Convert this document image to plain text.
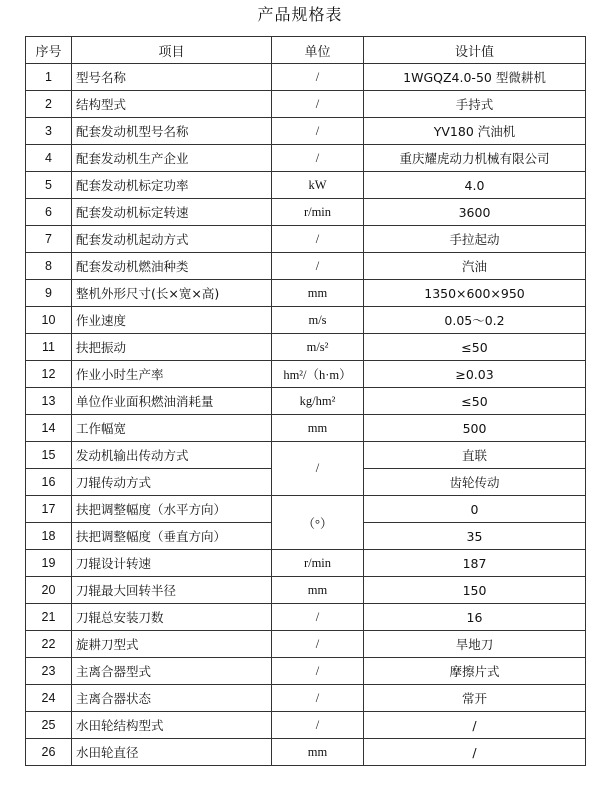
产品规格表
序号	项目	单位	设计值
1	型号名称	/	1WGQZ4.0-50 型微耕机
2	结构型式	/	手持式
3	配套发动机型号名称	/	YV180 汽油机
4	配套发动机生产企业	/	重庆耀虎动力机械有限公司
5	配套发动机标定功率	kW	4.0
6	配套发动机标定转速	r/min	3600
7	配套发动机起动方式	/	手拉起动
8	配套发动机燃油种类	/	汽油
9	整机外形尺寸(长×宽×高)	mm	1350×600×950
10	作业速度	m/s	0.05～0.2
11	扶把振动	m/s²	≤50
12	作业小时生产率	hm²/（h·m）	≥0.03
13	单位作业面积燃油消耗量	kg/hm²	≤50
14	工作幅宽	mm	500
15	发动机输出传动方式	/	直联
16	刀辊传动方式		齿轮传动
17	扶把调整幅度（水平方向）	（°）	0
18	扶把调整幅度（垂直方向）		35
19	刀辊设计转速	r/min	187
20	刀辊最大回转半径	mm	150
21	刀辊总安装刀数	/	16
22	旋耕刀型式	/	旱地刀
23	主离合器型式	/	摩擦片式
24	主离合器状态	/	常开
25	水田轮结构型式	/	/
26	水田轮直径	mm	/
